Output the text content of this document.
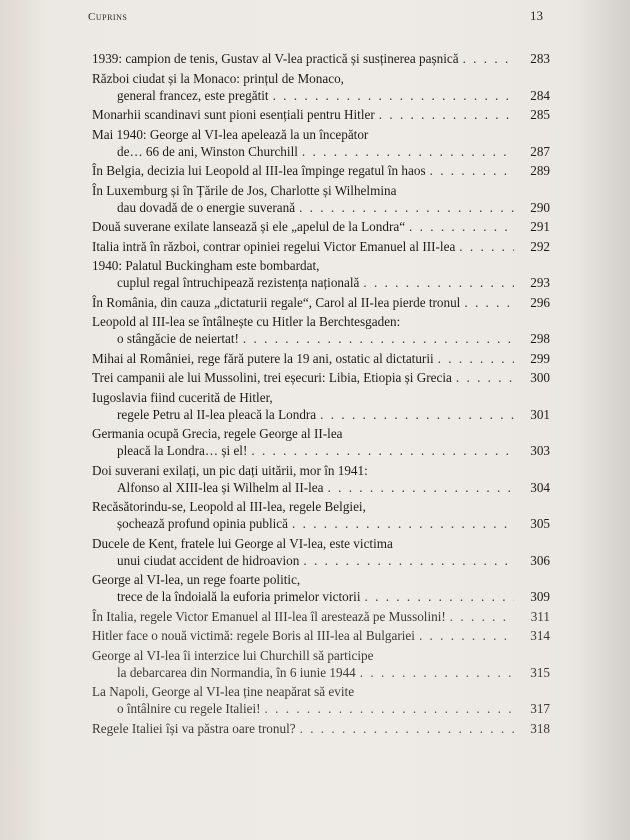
Cuprins	13
1939: campion de tenis, Gustav al V-lea practică și susținerea pașnică . . .	283
Război ciudat și la Monaco: prințul de Monaco,
general francez, este pregătit . . .	284
Monarhii scandinavi sunt pioni esențiali pentru Hitler . . .	285
Mai 1940: George al VI-lea apelează la un începător
de… 66 de ani, Winston Churchill . . .	287
În Belgia, decizia lui Leopold al III-lea împinge regatul în haos . . .	289
În Luxemburg și în Țările de Jos, Charlotte și Wilhelmina
dau dovadă de o energie suverană . . .	290
Două suverane exilate lansează și ele „apelul de la Londra“ . . .	291
Italia intră în război, contrar opiniei regelui Victor Emanuel al III-lea . . .	292
1940: Palatul Buckingham este bombardat,
cuplul regal întruchipează rezistența națională . . .	293
În România, din cauza „dictaturii regale“, Carol al II-lea pierde tronul . . .	296
Leopold al III-lea se întâlnește cu Hitler la Berchtesgaden:
o stângăcie de neiertat! . . .	298
Mihai al României, rege fără putere la 19 ani, ostatic al dictaturii . . .	299
Trei campanii ale lui Mussolini, trei eșecuri: Libia, Etiopia și Grecia . . .	300
Iugoslavia fiind cucerită de Hitler,
regele Petru al II-lea pleacă la Londra . . .	301
Germania ocupă Grecia, regele George al II-lea
pleacă la Londra… și el! . . .	303
Doi suverani exilați, un pic dați uitării, mor în 1941:
Alfonso al XIII-lea și Wilhelm al II-lea . . .	304
Recăsătorindu-se, Leopold al III-lea, regele Belgiei,
șochează profund opinia publică . . .	305
Ducele de Kent, fratele lui George al VI-lea, este victima
unui ciudat accident de hidroavion . . .	306
George al VI-lea, un rege foarte politic,
trece de la îndoială la euforia primelor victorii . . .	309
În Italia, regele Victor Emanuel al III-lea îl arestează pe Mussolini! . . .	311
Hitler face o nouă victimă: regele Boris al III-lea al Bulgariei . . .	314
George al VI-lea îi interzice lui Churchill să participe
la debarcarea din Normandia, în 6 iunie 1944 . . .	315
La Napoli, George al VI-lea ține neapărat să evite
o întâlnire cu regele Italiei! . . .	317
Regele Italiei își va păstra oare tronul? . . .	318
